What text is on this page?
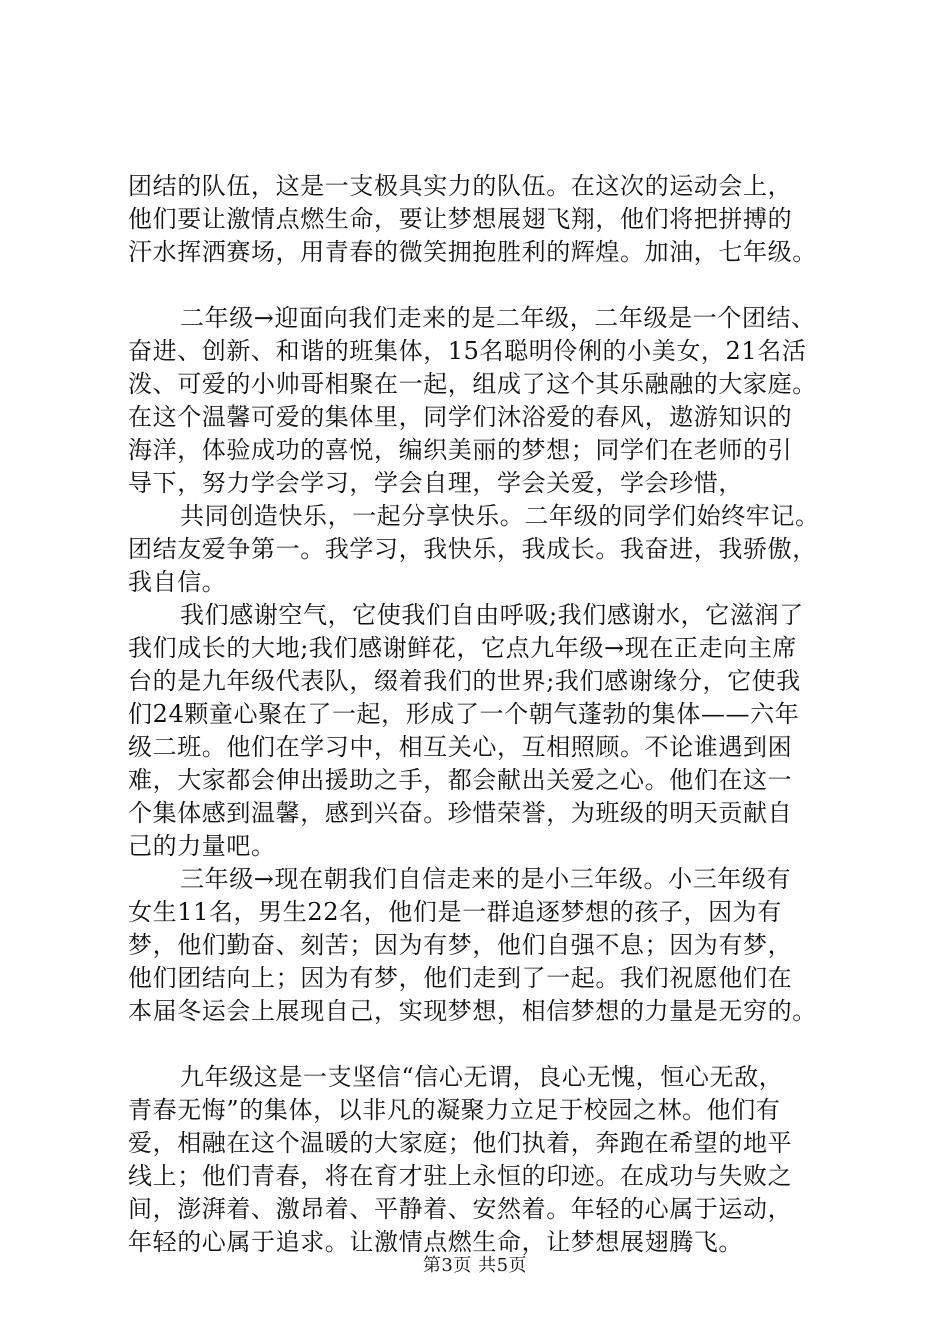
团结的队伍，这是一支极具实力的队伍。在这次的运动会上，
他们要让激情点燃生命，要让梦想展翅飞翔，他们将把拼搏的
汗水挥洒赛场，用青春的微笑拥抱胜利的辉煌。加油，七年级。
二年级→迎面向我们走来的是二年级，二年级是一个团结、
奋进、创新、和谐的班集体，15名聪明伶俐的小美女，21名活
泼、可爱的小帅哥相聚在一起，组成了这个其乐融融的大家庭。
在这个温馨可爱的集体里，同学们沐浴爱的春风，遨游知识的
海洋，体验成功的喜悦，编织美丽的梦想；同学们在老师的引
导下，努力学会学习，学会自理，学会关爱，学会珍惜，
共同创造快乐，一起分享快乐。二年级的同学们始终牢记。
团结友爱争第一。我学习，我快乐，我成长。我奋进，我骄傲，
我自信。
我们感谢空气，它使我们自由呼吸;我们感谢水，它滋润了
我们成长的大地;我们感谢鲜花，它点九年级→现在正走向主席
台的是九年级代表队，缀着我们的世界;我们感谢缘分，它使我
们24颗童心聚在了一起，形成了一个朝气蓬勃的集体——六年
级二班。他们在学习中，相互关心，互相照顾。不论谁遇到困
难，大家都会伸出援助之手，都会献出关爱之心。他们在这一
个集体感到温馨，感到兴奋。珍惜荣誉，为班级的明天贡献自
己的力量吧。
三年级→现在朝我们自信走来的是小三年级。小三年级有
女生11名，男生22名，他们是一群追逐梦想的孩子，因为有
梦，他们勤奋、刻苦；因为有梦，他们自强不息；因为有梦，
他们团结向上；因为有梦，他们走到了一起。我们祝愿他们在
本届冬运会上展现自己，实现梦想，相信梦想的力量是无穷的。
九年级这是一支坚信“信心无谓，良心无愧，恒心无敌，
青春无悔”的集体，以非凡的凝聚力立足于校园之林。他们有
爱，相融在这个温暖的大家庭；他们执着，奔跑在希望的地平
线上；他们青春，将在育才驻上永恒的印迹。在成功与失败之
间，澎湃着、激昂着、平静着、安然着。年轻的心属于运动，
年轻的心属于追求。让激情点燃生命，让梦想展翅腾飞。
第3页 共5页
